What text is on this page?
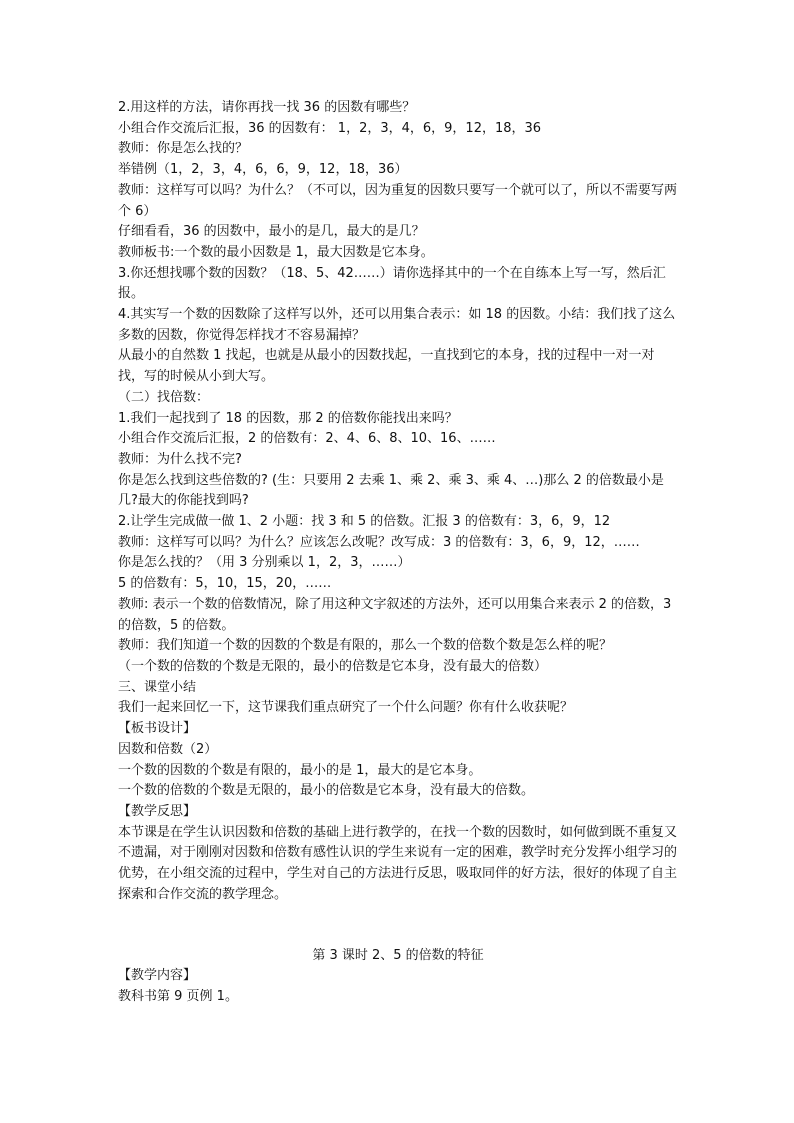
2.用这样的方法，请你再找一找 36 的因数有哪些？

小组合作交流后汇报，36 的因数有： 1，2，3，4，6，9，12，18，36

教师：你是怎么找的？

举错例（1，2，3，4，6，6，9，12，18，36）

教师：这样写可以吗？为什么？（不可以，因为重复的因数只要写一个就可以了，所以不需要写两个 6）

仔细看看，36 的因数中，最小的是几，最大的是几？

教师板书:一个数的最小因数是 1，最大因数是它本身。

3.你还想找哪个数的因数？（18、5、42……）请你选择其中的一个在自练本上写一写，然后汇报。

4.其实写一个数的因数除了这样写以外，还可以用集合表示：如 18 的因数。小结：我们找了这么多数的因数，你觉得怎样找才不容易漏掉？

从最小的自然数 1 找起，也就是从最小的因数找起，一直找到它的本身，找的过程中一对一对找，写的时候从小到大写。

（二）找倍数：

1.我们一起找到了 18 的因数，那 2 的倍数你能找出来吗？

小组合作交流后汇报，2 的倍数有：2、4、6、8、10、16、……

教师：为什么找不完?

你是怎么找到这些倍数的? (生：只要用 2 去乘 1、乘 2、乘 3、乘 4、…)那么 2 的倍数最小是几?最大的你能找到吗?

2.让学生完成做一做 1、2 小题：找 3 和 5 的倍数。汇报 3 的倍数有：3，6，9，12

教师：这样写可以吗？为什么？应该怎么改呢？改写成：3 的倍数有：3，6，9，12，……

你是怎么找的？（用 3 分别乘以 1，2，3，……）

5 的倍数有：5，10，15，20，……

教师: 表示一个数的倍数情况，除了用这种文字叙述的方法外，还可以用集合来表示 2 的倍数，3 的倍数，5 的倍数。

教师：我们知道一个数的因数的个数是有限的，那么一个数的倍数个数是怎么样的呢？

（一个数的倍数的个数是无限的，最小的倍数是它本身，没有最大的倍数）

三、课堂小结

我们一起来回忆一下，这节课我们重点研究了一个什么问题？你有什么收获呢？

【板书设计】

因数和倍数（2）

一个数的因数的个数是有限的，最小的是 1，最大的是它本身。

一个数的倍数的个数是无限的，最小的倍数是它本身，没有最大的倍数。

【教学反思】

本节课是在学生认识因数和倍数的基础上进行教学的，在找一个数的因数时，如何做到既不重复又不遗漏，对于刚刚对因数和倍数有感性认识的学生来说有一定的困难，教学时充分发挥小组学习的优势，在小组交流的过程中，学生对自己的方法进行反思，吸取同伴的好方法，很好的体现了自主探索和合作交流的教学理念。

第 3 课时 2、5 的倍数的特征

【教学内容】

教科书第 9 页例 1。
